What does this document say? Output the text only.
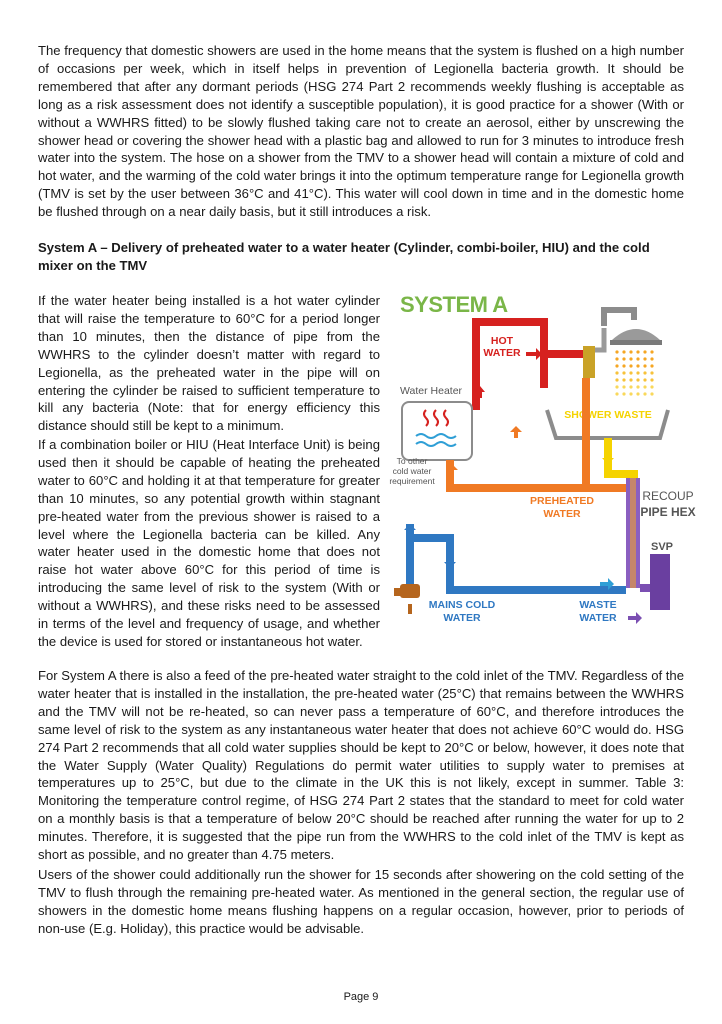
The frequency that domestic showers are used in the home means that the system is flushed on a high number of occasions per week, which in itself helps in prevention of Legionella bacteria growth. It should be remembered that after any dormant periods (HSG 274 Part 2 recommends weekly flushing is acceptable as long as a risk assessment does not identify a susceptible population), it is good practice for a shower (With or without a WWHRS fitted) to be slowly flushed taking care not to create an aerosol, either by unscrewing the shower head or covering the shower head with a plastic bag and allowed to run for 3 minutes to introduce fresh water into the system. The hose on a shower from the TMV to a shower head will contain a mixture of cold and hot water, and the warming of the cold water brings it into the optimum temperature range for Legionella growth (TMV is set by the user between 36°C and 41°C). This water will cool down in time and in the domestic home be flushed through on a near daily basis, but it still introduces a risk.

System A – Delivery of preheated water to a water heater (Cylinder, combi-boiler, HIU) and the cold mixer on the TMV

If the water heater being installed is a hot water cylinder that will raise the temperature to 60°C for a period longer than 10 minutes, then the distance of pipe from the WWHRS to the cylinder doesn’t matter with regard to Legionella, as the preheated water in the pipe will on entering the cylinder be raised to sufficient temperature to kill any bacteria (Note: that for energy efficiency this distance should still be kept to a minimum.

If a combination boiler or HIU (Heat Interface Unit) is being used then it should be capable of heating the preheated water to 60°C and holding it at that temperature for greater than 10 minutes, so any potential growth within stagnant pre-heated water from the previous shower is raised to a level where the Legionella bacteria can be killed. Any water heater used in the domestic home that does not raise hot water above 60°C for this period of time is introducing the same level of risk to the system (With or without a WWHRS), and these risks need to be assessed in terms of the level and frequency of usage, and whether the device is used for stored or instantaneous hot water.

SYSTEM A
SHOWER WASTE
HOT WATER
Water Heater
PREHEATED WATER
RECOUP PIPE HEX
SVP
To other cold water requirement
MAINS COLD WATER
WASTE WATER

For System A there is also a feed of the pre-heated water straight to the cold inlet of the TMV. Regardless of the water heater that is installed in the installation, the pre-heated water (25°C) that remains between the WWHRS and the TMV will not be re-heated, so can never pass a temperature of 60°C, and therefore introduces the same level of risk to the system as any instantaneous water heater that does not achieve 60°C would do. HSG 274 Part 2 recommends that all cold water supplies should be kept to 20°C or below, however, it does note that the Water Supply (Water Quality) Regulations do permit water utilities to supply water to premises at temperatures up to 25°C, but due to the climate in the UK this is not likely, except in summer. Table 3: Monitoring the temperature control regime, of HSG 274 Part 2 states that the standard to meet for cold water on a monthly basis is that a temperature of below 20°C should be reached after running the water for up to 2 minutes. Therefore, it is suggested that the pipe run from the WWHRS to the cold inlet of the TMV is kept as short as possible, and no greater than 4.75 meters.

Users of the shower could additionally run the shower for 15 seconds after showering on the cold setting of the TMV to flush through the remaining pre-heated water. As mentioned in the general section, the regular use of showers in the domestic home means flushing happens on a regular occasion, however, prior to periods of non-use (E.g. Holiday), this practice would be advisable.

Page 9
